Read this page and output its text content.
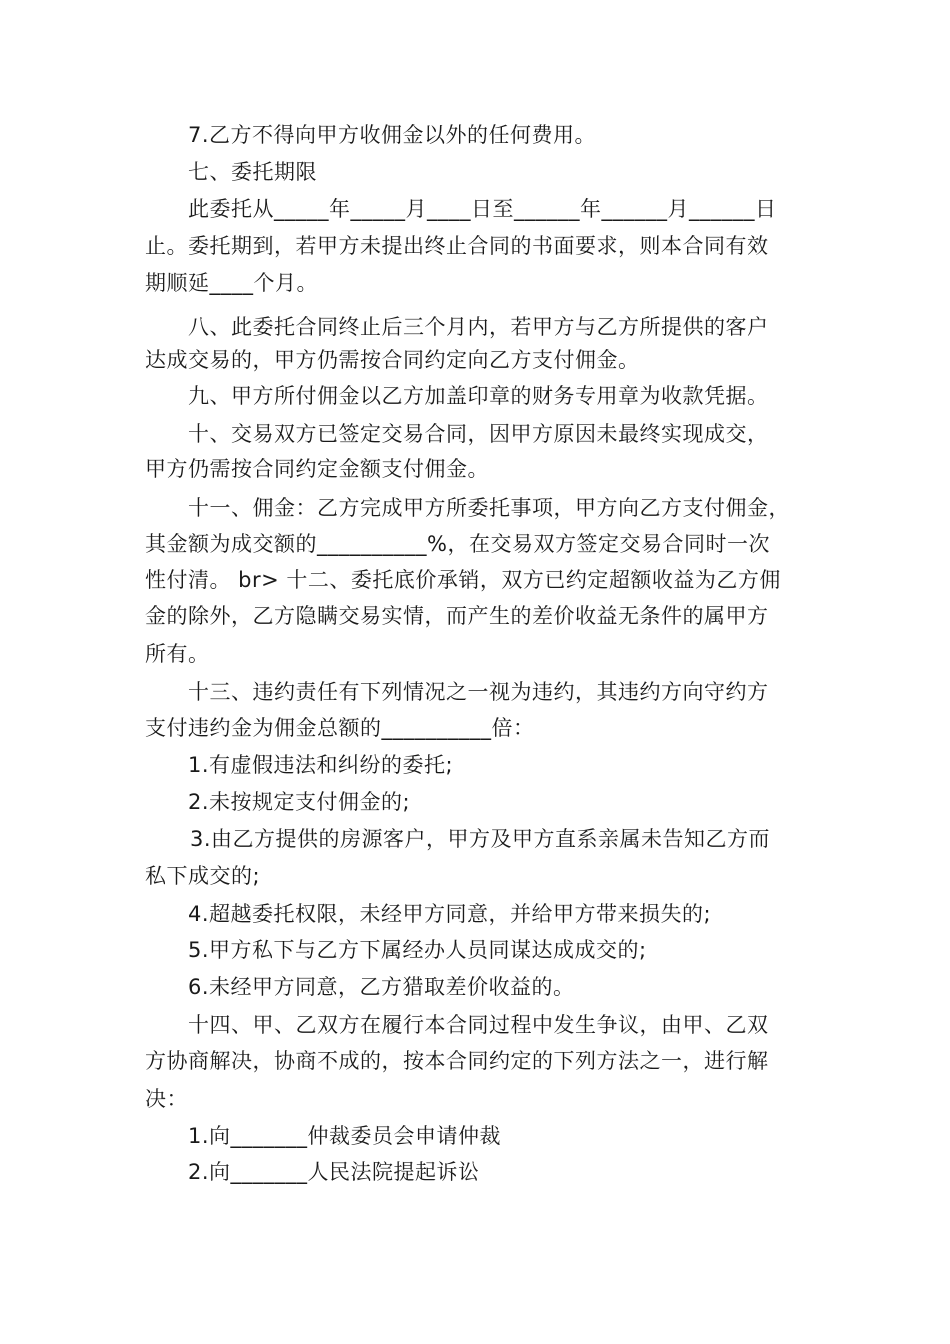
7.乙方不得向甲方收佣金以外的任何费用。
七、委托期限
此委托从_____年_____月____日至______年______月______日
止。委托期到，若甲方未提出终止合同的书面要求，则本合同有效
期顺延____个月。
八、此委托合同终止后三个月内，若甲方与乙方所提供的客户
达成交易的，甲方仍需按合同约定向乙方支付佣金。
九、甲方所付佣金以乙方加盖印章的财务专用章为收款凭据。
十、交易双方已签定交易合同，因甲方原因未最终实现成交，
甲方仍需按合同约定金额支付佣金。
十一、佣金：乙方完成甲方所委托事项，甲方向乙方支付佣金，
其金额为成交额的__________%，在交易双方签定交易合同时一次
性付清。 br> 十二、委托底价承销，双方已约定超额收益为乙方佣
金的除外，乙方隐瞒交易实情，而产生的差价收益无条件的属甲方
所有。
十三、违约责任有下列情况之一视为违约，其违约方向守约方
支付违约金为佣金总额的__________倍：
1.有虚假违法和纠纷的委托;
2.未按规定支付佣金的;
3.由乙方提供的房源客户，甲方及甲方直系亲属未告知乙方而
私下成交的;
4.超越委托权限，未经甲方同意，并给甲方带来损失的;
5.甲方私下与乙方下属经办人员同谋达成成交的;
6.未经甲方同意，乙方猎取差价收益的。
十四、甲、乙双方在履行本合同过程中发生争议，由甲、乙双
方协商解决，协商不成的，按本合同约定的下列方法之一，进行解
决：
1.向_______仲裁委员会申请仲裁
2.向_______人民法院提起诉讼
